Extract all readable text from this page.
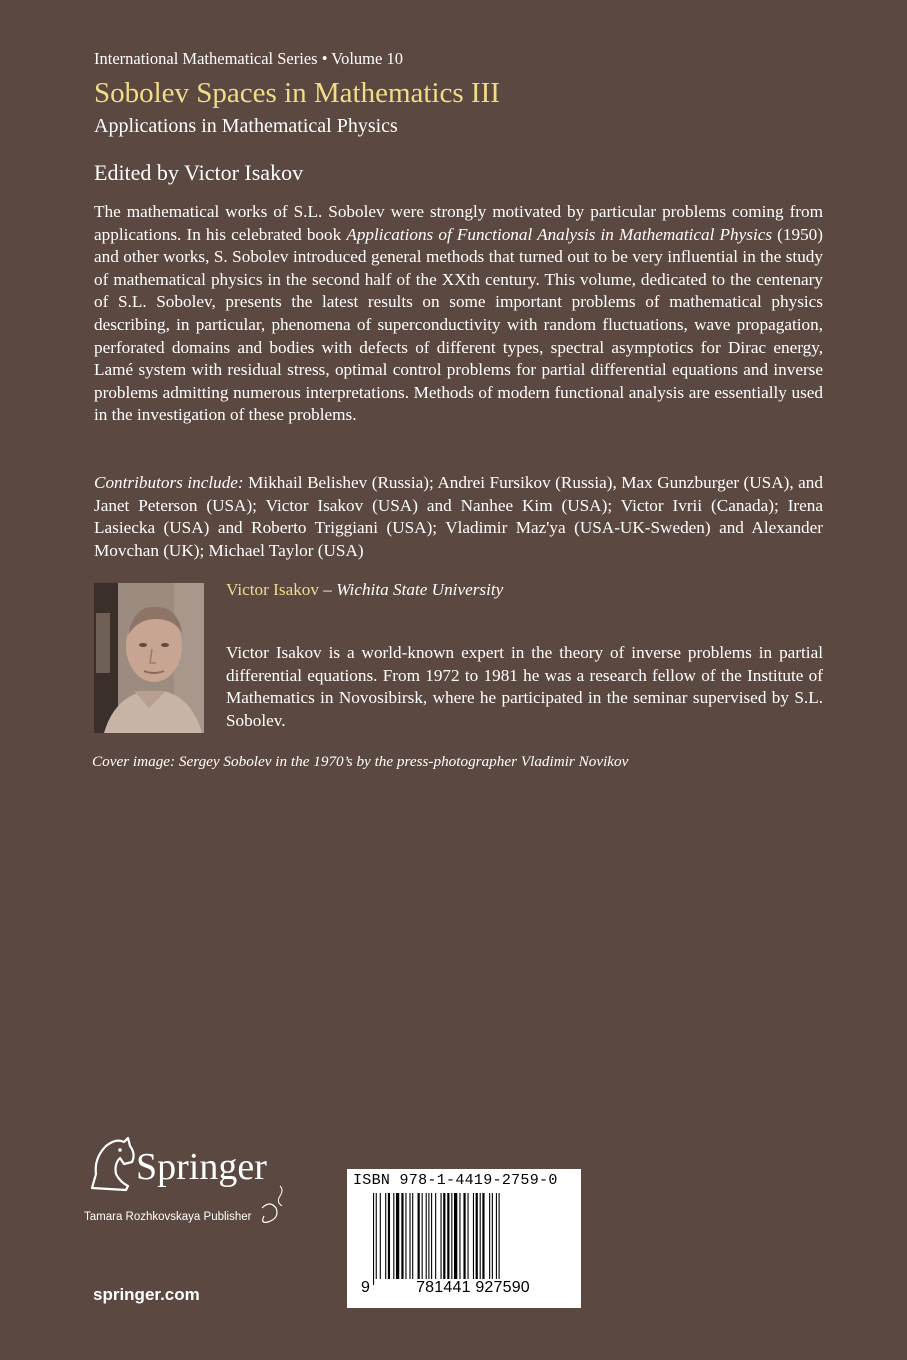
International Mathematical Series • Volume 10
Sobolev Spaces in Mathematics III
Applications in Mathematical Physics
Edited by Victor Isakov

The mathematical works of S.L. Sobolev were strongly motivated by particular problems coming from applications. In his celebrated book Applications of Functional Analysis in Mathematical Physics (1950) and other works, S. Sobolev introduced general methods that turned out to be very influential in the study of mathematical physics in the second half of the XXth century. This volume, dedicated to the centenary of S.L. Sobolev, presents the latest results on some important problems of mathematical physics describing, in particular, phenomena of superconductivity with random fluctuations, wave propagation, perforated domains and bodies with defects of different types, spectral asymptotics for Dirac energy, Lamé system with residual stress, optimal control problems for partial differential equations and inverse problems admitting numerous interpretations. Methods of modern functional analysis are essentially used in the investigation of these problems.

Contributors include: Mikhail Belishev (Russia); Andrei Fursikov (Russia), Max Gunzburger (USA), and Janet Peterson (USA); Victor Isakov (USA) and Nanhee Kim (USA); Victor Ivrii (Canada); Irena Lasiecka (USA) and Roberto Triggiani (USA); Vladimir Maz'ya (USA-UK-Sweden) and Alexander Movchan (UK); Michael Taylor (USA)

Victor Isakov – Wichita State University

Victor Isakov is a world-known expert in the theory of inverse problems in partial differential equations. From 1972 to 1981 he was a research fellow of the Institute of Mathematics in Novosibirsk, where he participated in the seminar supervised by S.L. Sobolev.

Cover image: Sergey Sobolev in the 1970’s by the press-photographer Vladimir Novikov
Springer
Tamara Rozhkovskaya Publisher
springer.com
ISBN 978-1-4419-2759-0
9	781441 927590
